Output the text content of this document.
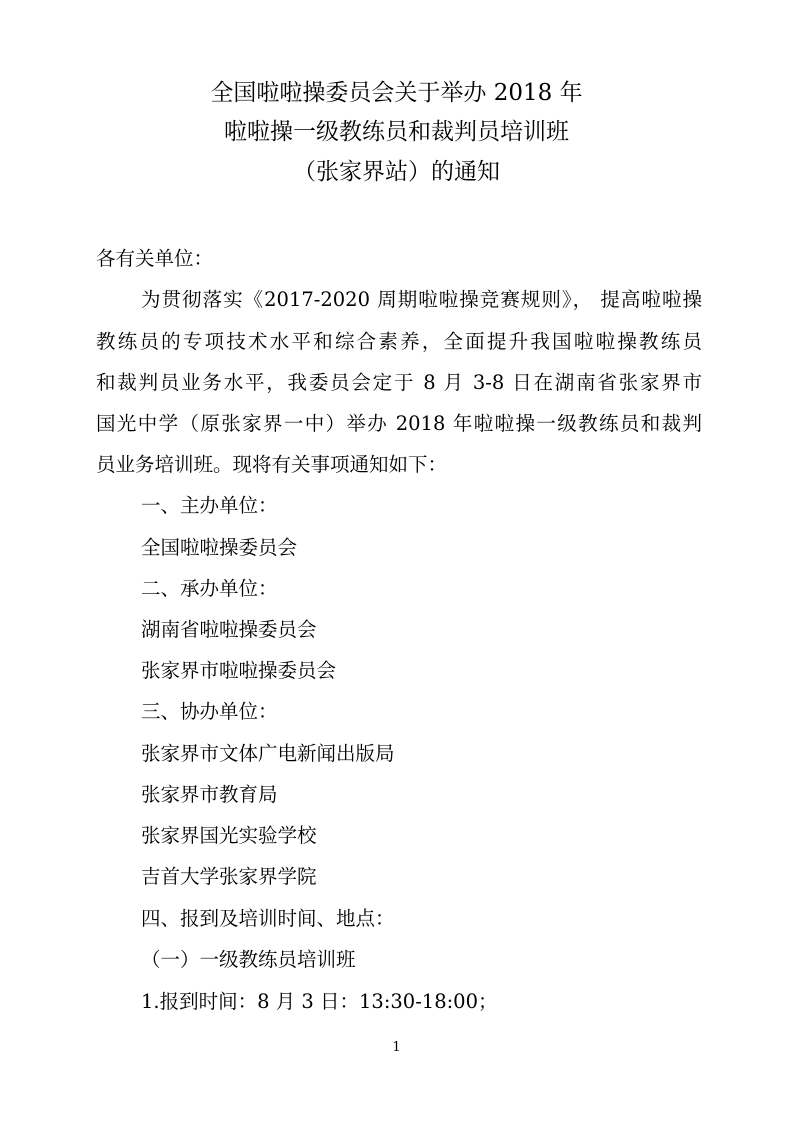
全国啦啦操委员会关于举办 2018 年
啦啦操一级教练员和裁判员培训班
（张家界站）的通知
各有关单位：
为贯彻落实《2017-2020 周期啦啦操竞赛规则》， 提高啦啦操
教练员的专项技术水平和综合素养，全面提升我国啦啦操教练员
和裁判员业务水平，我委员会定于 8 月 3-8 日在湖南省张家界市
国光中学（原张家界一中）举办 2018 年啦啦操一级教练员和裁判
员业务培训班。现将有关事项通知如下：
一、主办单位：
全国啦啦操委员会
二、承办单位：
湖南省啦啦操委员会
张家界市啦啦操委员会
三、协办单位：
张家界市文体广电新闻出版局
张家界市教育局
张家界国光实验学校
吉首大学张家界学院
四、报到及培训时间、地点：
（一）一级教练员培训班
1.报到时间：8 月 3 日：13:30-18:00；
1
